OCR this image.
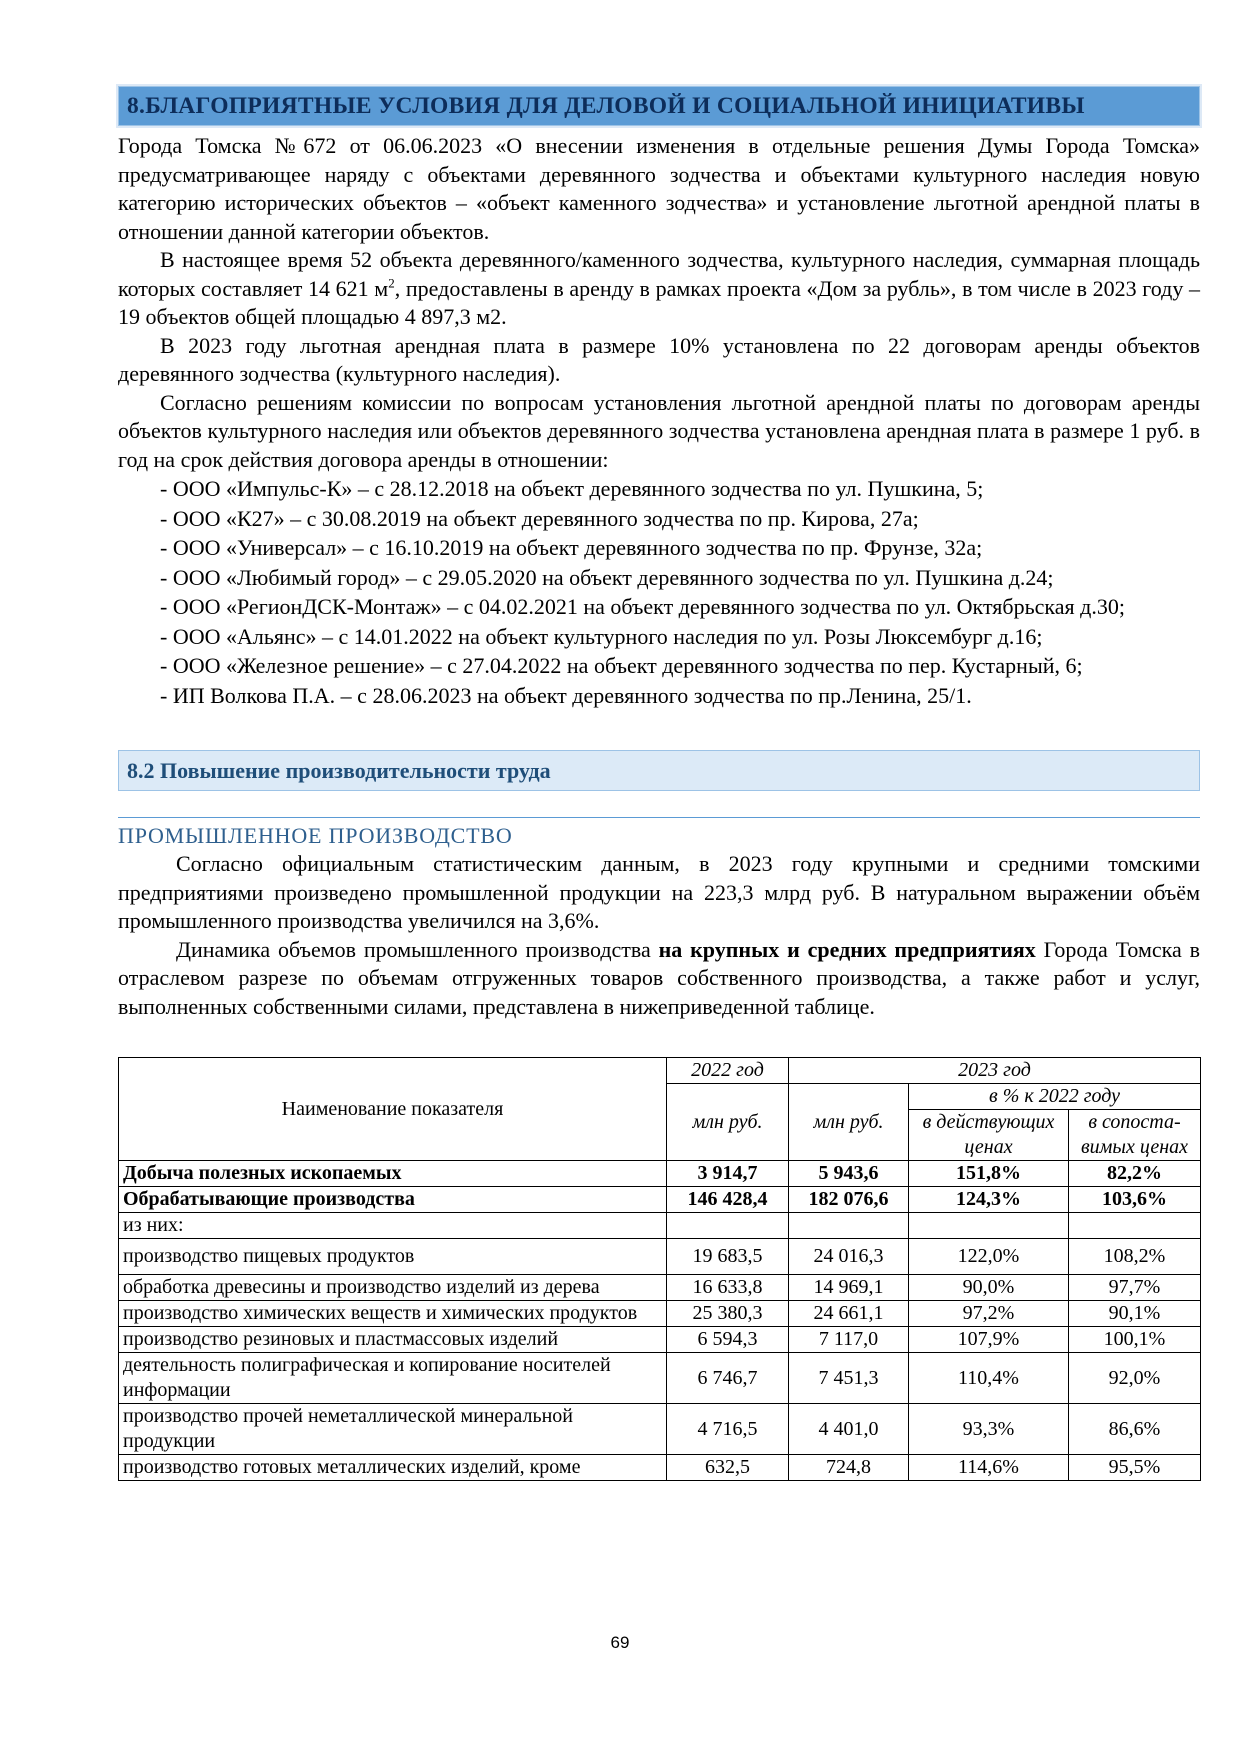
8.БЛАГОПРИЯТНЫЕ УСЛОВИЯ ДЛЯ ДЕЛОВОЙ И СОЦИАЛЬНОЙ ИНИЦИАТИВЫ

Города Томска №672 от 06.06.2023 «О внесении изменения в отдельные решения Думы Города Томска» предусматривающее наряду с объектами деревянного зодчества и объектами культурного наследия новую категорию исторических объектов – «объект каменного зодчества» и установление льготной арендной платы в отношении данной категории объектов.

В настоящее время 52 объекта деревянного/каменного зодчества, культурного наследия, суммарная площадь которых составляет 14 621 $м^2$, предоставлены в аренду в рамках проекта «Дом за рубль», в том числе в 2023 году – 19 объектов общей площадью 4 897,3 м2.

В 2023 году льготная арендная плата в размере 10% установлена по 22 договорам аренды объектов деревянного зодчества (культурного наследия).

Согласно решениям комиссии по вопросам установления льготной арендной платы по договорам аренды объектов культурного наследия или объектов деревянного зодчества установлена арендная плата в размере 1 руб. в год на срок действия договора аренды в отношении:

- ООО «Импульс-К» – с 28.12.2018 на объект деревянного зодчества по ул. Пушкина, 5;
- ООО «К27» – с 30.08.2019 на объект деревянного зодчества по пр. Кирова, 27а;
- ООО «Универсал» – с 16.10.2019 на объект деревянного зодчества по пр. Фрунзе, 32а;
- ООО «Любимый город» – с 29.05.2020 на объект деревянного зодчества по ул. Пушкина д.24;
- ООО «РегионДСК-Монтаж» – с 04.02.2021 на объект деревянного зодчества по ул. Октябрьская д.30;
- ООО «Альянс» – с 14.01.2022 на объект культурного наследия по ул. Розы Люксембург д.16;
- ООО «Железное решение» – с 27.04.2022 на объект деревянного зодчества по пер. Кустарный, 6;
- ИП Волкова П.А. – с 28.06.2023 на объект деревянного зодчества по пр.Ленина, 25/1.
8.2 Повышение производительности труда
ПРОМЫШЛЕННОЕ ПРОИЗВОДСТВО

Согласно официальным статистическим данным, в 2023 году крупными и средними томскими предприятиями произведено промышленной продукции на 223,3 млрд руб. В натуральном выражении объём промышленного производства увеличился на 3,6%.

Динамика объемов промышленного производства на крупных и средних предприятиях Города Томска в отраслевом разрезе по объемам отгруженных товаров собственного производства, а также работ и услуг, выполненных собственными силами, представлена в нижеприведенной таблице.

Наименование показателя	2022 год	2023 год		
	млн руб.	млн руб.	в % к 2022 году	
			в действующих ценах	в сопоста-вимых ценах
Добыча полезных ископаемых	3 914,7	5 943,6	151,8%	82,2%
Обрабатывающие производства	146 428,4	182 076,6	124,3%	103,6%
из них:				
производство пищевых продуктов	19 683,5	24 016,3	122,0%	108,2%
обработка древесины и производство изделий из дерева	16 633,8	14 969,1	90,0%	97,7%
производство химических веществ и химических продуктов	25 380,3	24 661,1	97,2%	90,1%
производство резиновых и пластмассовых изделий	6 594,3	7 117,0	107,9%	100,1%
деятельность полиграфическая и копирование носителей информации	6 746,7	7 451,3	110,4%	92,0%
производство прочей неметаллической минеральной продукции	4 716,5	4 401,0	93,3%	86,6%
производство готовых металлических изделий, кроме	632,5	724,8	114,6%	95,5%
69
